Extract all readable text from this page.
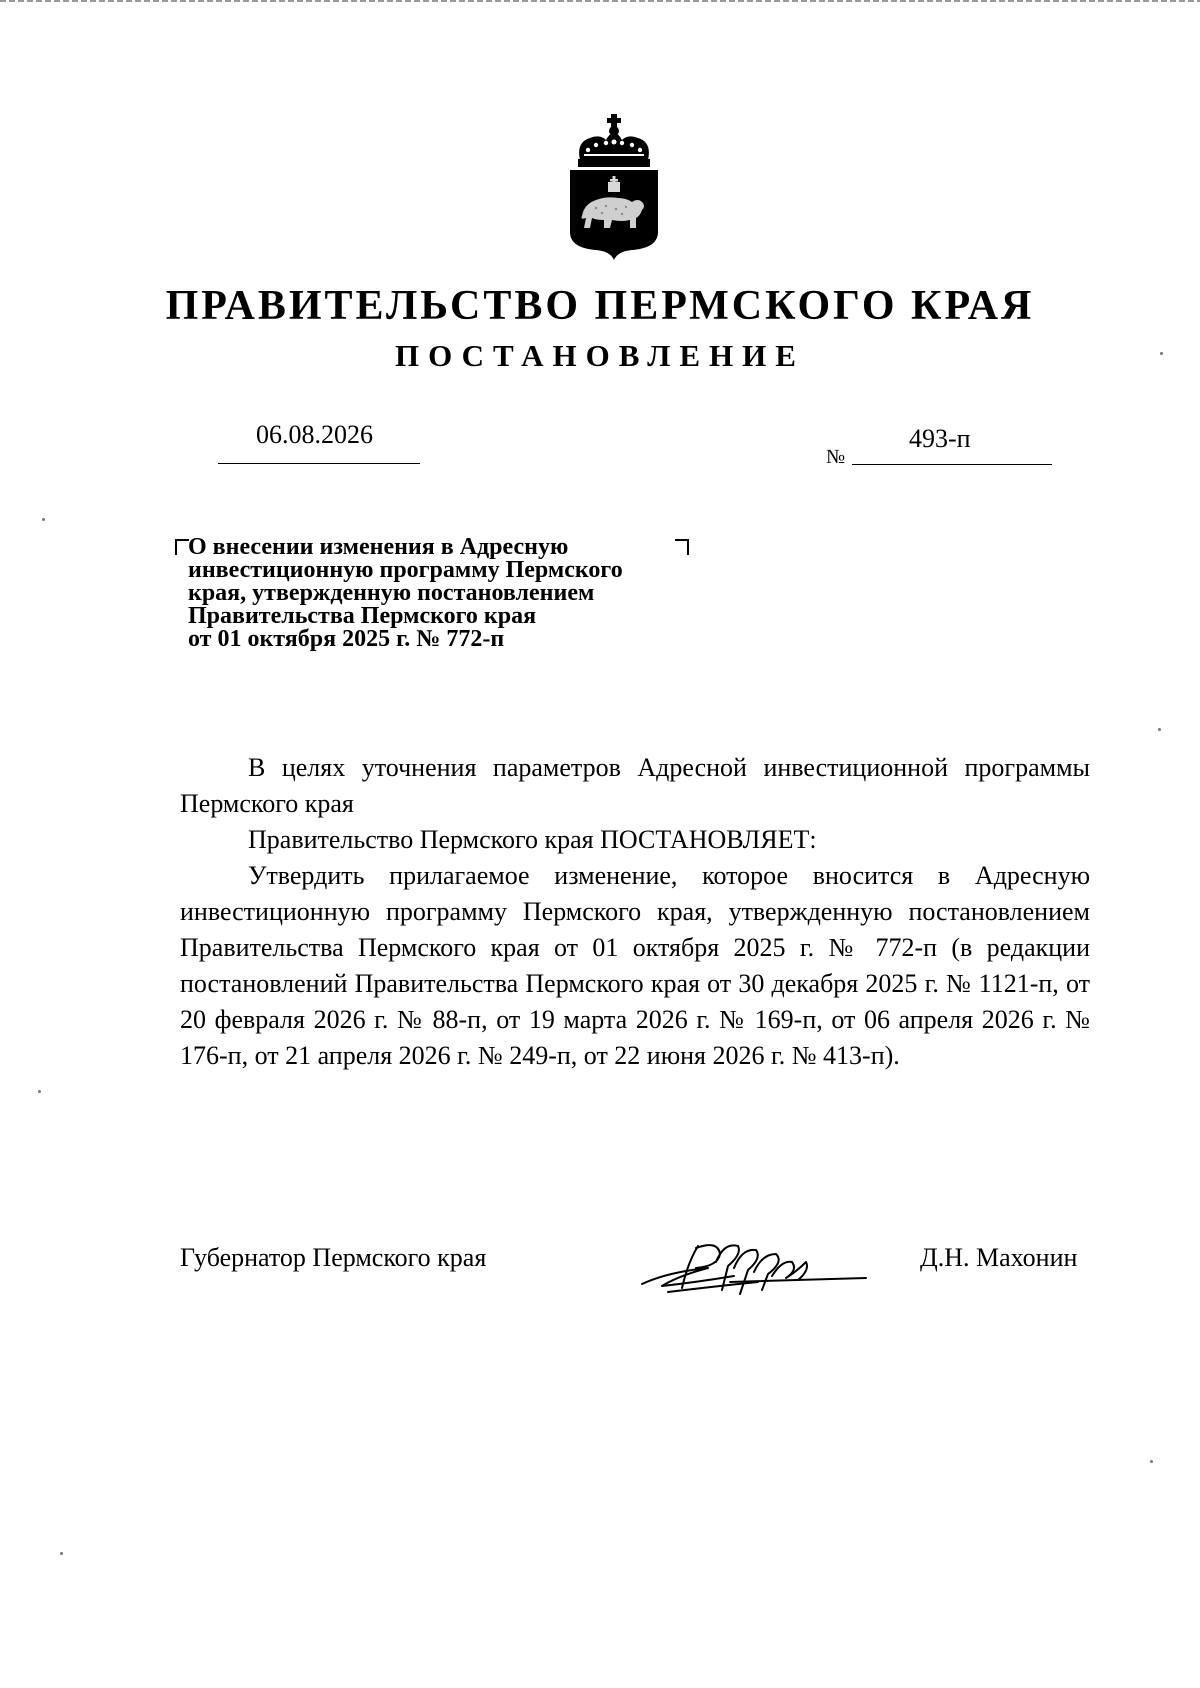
ПРАВИТЕЛЬСТВО ПЕРМСКОГО КРАЯ
ПОСТАНОВЛЕНИЕ
06.08.2026
№
493-п
О внесении изменения в Адресную
инвестиционную программу Пермского
края, утвержденную постановлением
Правительства Пермского края
от 01 октября 2025 г. № 772-п

В целях уточнения параметров Адресной инвестиционной программы Пермского края

Правительство Пермского края ПОСТАНОВЛЯЕТ:

Утвердить прилагаемое изменение, которое вносится в Адресную инвестиционную программу Пермского края, утвержденную постановлением Правительства Пермского края от 01 октября 2025 г. № 772-п (в редакции постановлений Правительства Пермского края от 30 декабря 2025 г. № 1121-п, от 20 февраля 2026 г. № 88-п, от 19 марта 2026 г. № 169-п, от 06 апреля 2026 г. № 176-п, от 21 апреля 2026 г. № 249-п, от 22 июня 2026 г. № 413-п).

Губернатор Пермского края	Д.Н. Махонин
